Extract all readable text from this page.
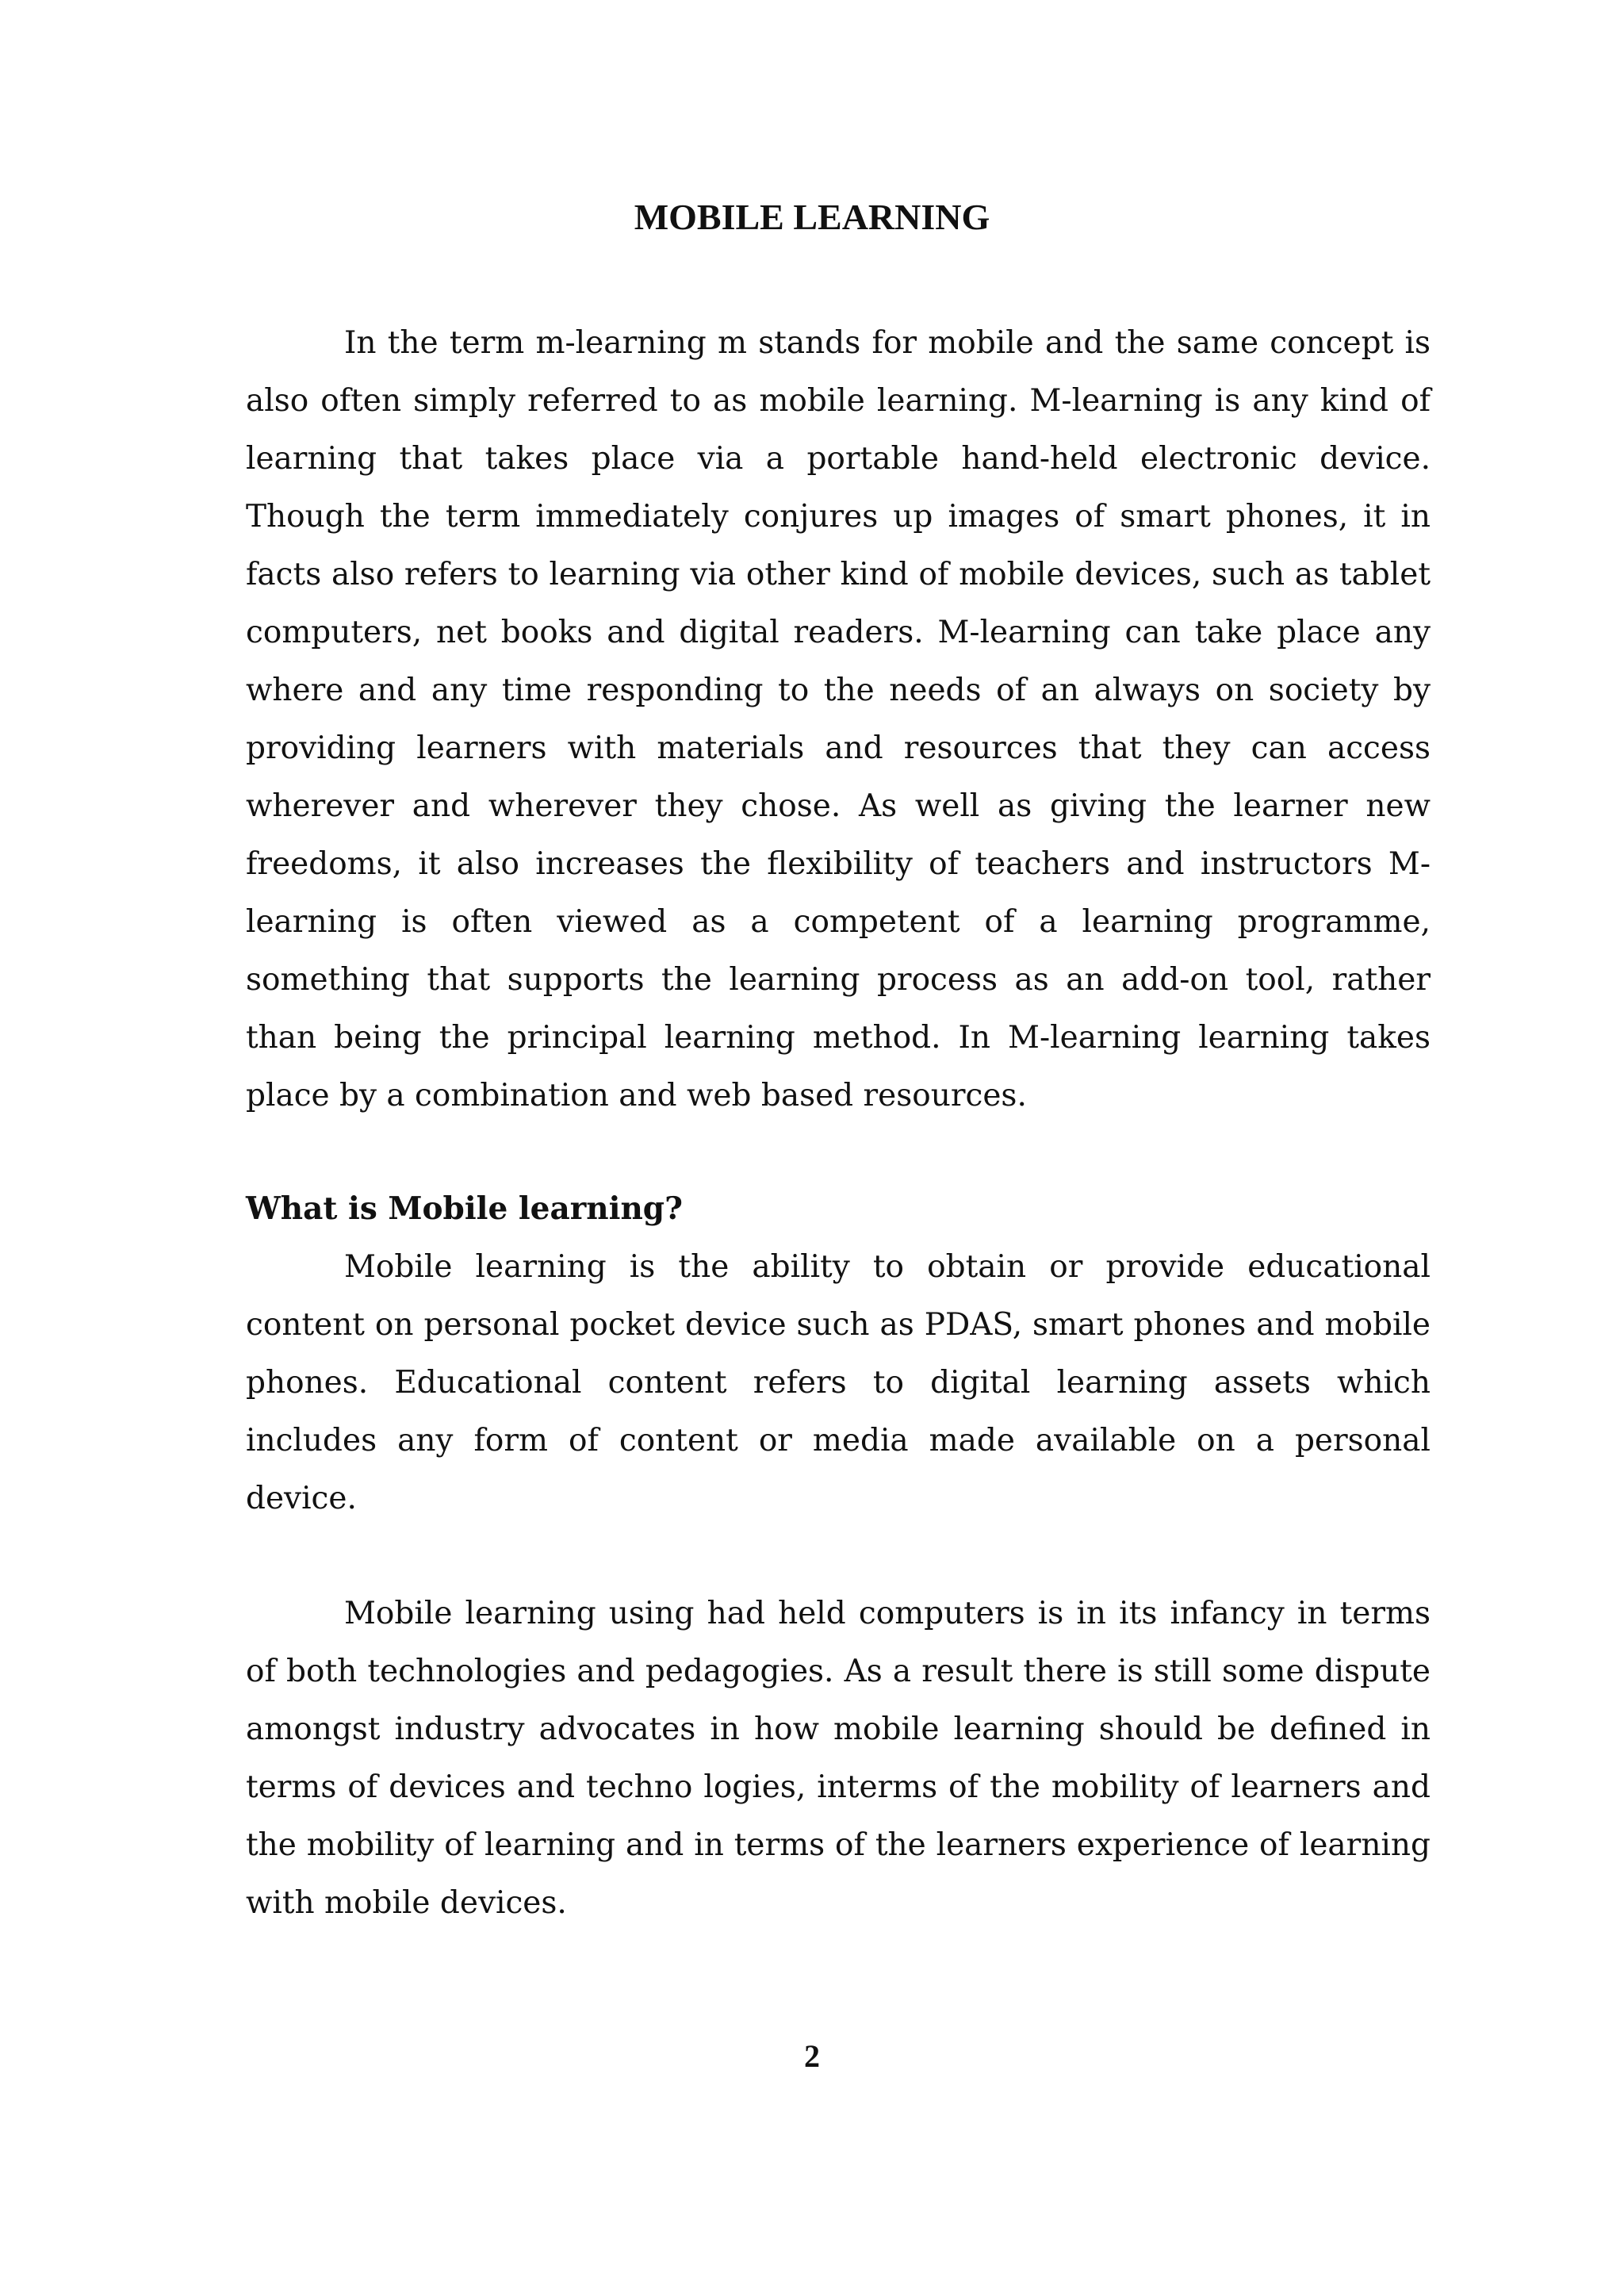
MOBILE LEARNING

In the term m-learning m stands for mobile and the same concept is also often simply referred to as mobile learning. M-learning is any kind of learning that takes place via a portable hand-held electronic device. Though the term immediately conjures up images of smart phones, it in facts also refers to learning via other kind of mobile devices, such as tablet computers, net books and digital readers. M-learning can take place any where and any time responding to the needs of an always on society by providing learners with materials and resources that they can access wherever and wherever they chose. As well as giving the learner new freedoms, it also increases the flexibility of teachers and instructors M-learning is often viewed as a competent of a learning programme, something that supports the learning process as an add-on tool, rather than being the principal learning method. In M-learning learning takes place by a combination and web based resources.

What is Mobile learning?

Mobile learning is the ability to obtain or provide educational content on personal pocket device such as PDAS, smart phones and mobile phones. Educational content refers to digital learning assets which includes any form of content or media made available on a personal device.

Mobile learning using had held computers is in its infancy in terms of both technologies and pedagogies. As a result there is still some dispute amongst industry advocates in how mobile learning should be defined in terms of devices and techno logies, interms of the mobility of learners and the mobility of learning and in terms of the learners experience of learning with mobile devices.

2
